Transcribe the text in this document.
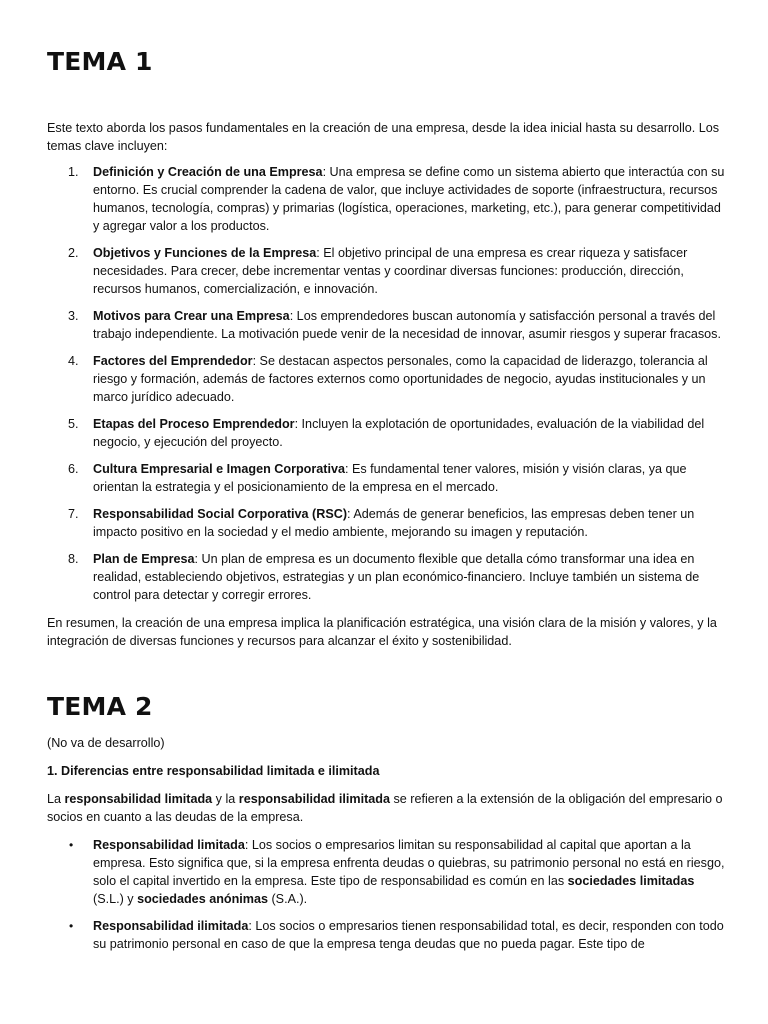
TEMA 1

Este texto aborda los pasos fundamentales en la creación de una empresa, desde la idea inicial hasta su desarrollo. Los temas clave incluyen:

1. Definición y Creación de una Empresa: Una empresa se define como un sistema abierto que interactúa con su entorno. Es crucial comprender la cadena de valor, que incluye actividades de soporte (infraestructura, recursos humanos, tecnología, compras) y primarias (logística, operaciones, marketing, etc.), para generar competitividad y agregar valor a los productos.
2. Objetivos y Funciones de la Empresa: El objetivo principal de una empresa es crear riqueza y satisfacer necesidades. Para crecer, debe incrementar ventas y coordinar diversas funciones: producción, dirección, recursos humanos, comercialización, e innovación.
3. Motivos para Crear una Empresa: Los emprendedores buscan autonomía y satisfacción personal a través del trabajo independiente. La motivación puede venir de la necesidad de innovar, asumir riesgos y superar fracasos.
4. Factores del Emprendedor: Se destacan aspectos personales, como la capacidad de liderazgo, tolerancia al riesgo y formación, además de factores externos como oportunidades de negocio, ayudas institucionales y un marco jurídico adecuado.
5. Etapas del Proceso Emprendedor: Incluyen la explotación de oportunidades, evaluación de la viabilidad del negocio, y ejecución del proyecto.
6. Cultura Empresarial e Imagen Corporativa: Es fundamental tener valores, misión y visión claras, ya que orientan la estrategia y el posicionamiento de la empresa en el mercado.
7. Responsabilidad Social Corporativa (RSC): Además de generar beneficios, las empresas deben tener un impacto positivo en la sociedad y el medio ambiente, mejorando su imagen y reputación.
8. Plan de Empresa: Un plan de empresa es un documento flexible que detalla cómo transformar una idea en realidad, estableciendo objetivos, estrategias y un plan económico-financiero. Incluye también un sistema de control para detectar y corregir errores.

En resumen, la creación de una empresa implica la planificación estratégica, una visión clara de la misión y valores, y la integración de diversas funciones y recursos para alcanzar el éxito y sostenibilidad.

TEMA 2

(No va de desarrollo)

1. Diferencias entre responsabilidad limitada e ilimitada

La responsabilidad limitada y la responsabilidad ilimitada se refieren a la extensión de la obligación del empresario o socios en cuanto a las deudas de la empresa.

• Responsabilidad limitada: Los socios o empresarios limitan su responsabilidad al capital que aportan a la empresa. Esto significa que, si la empresa enfrenta deudas o quiebras, su patrimonio personal no está en riesgo, solo el capital invertido en la empresa. Este tipo de responsabilidad es común en las sociedades limitadas (S.L.) y sociedades anónimas (S.A.).
• Responsabilidad ilimitada: Los socios o empresarios tienen responsabilidad total, es decir, responden con todo su patrimonio personal en caso de que la empresa tenga deudas que no pueda pagar. Este tipo de
